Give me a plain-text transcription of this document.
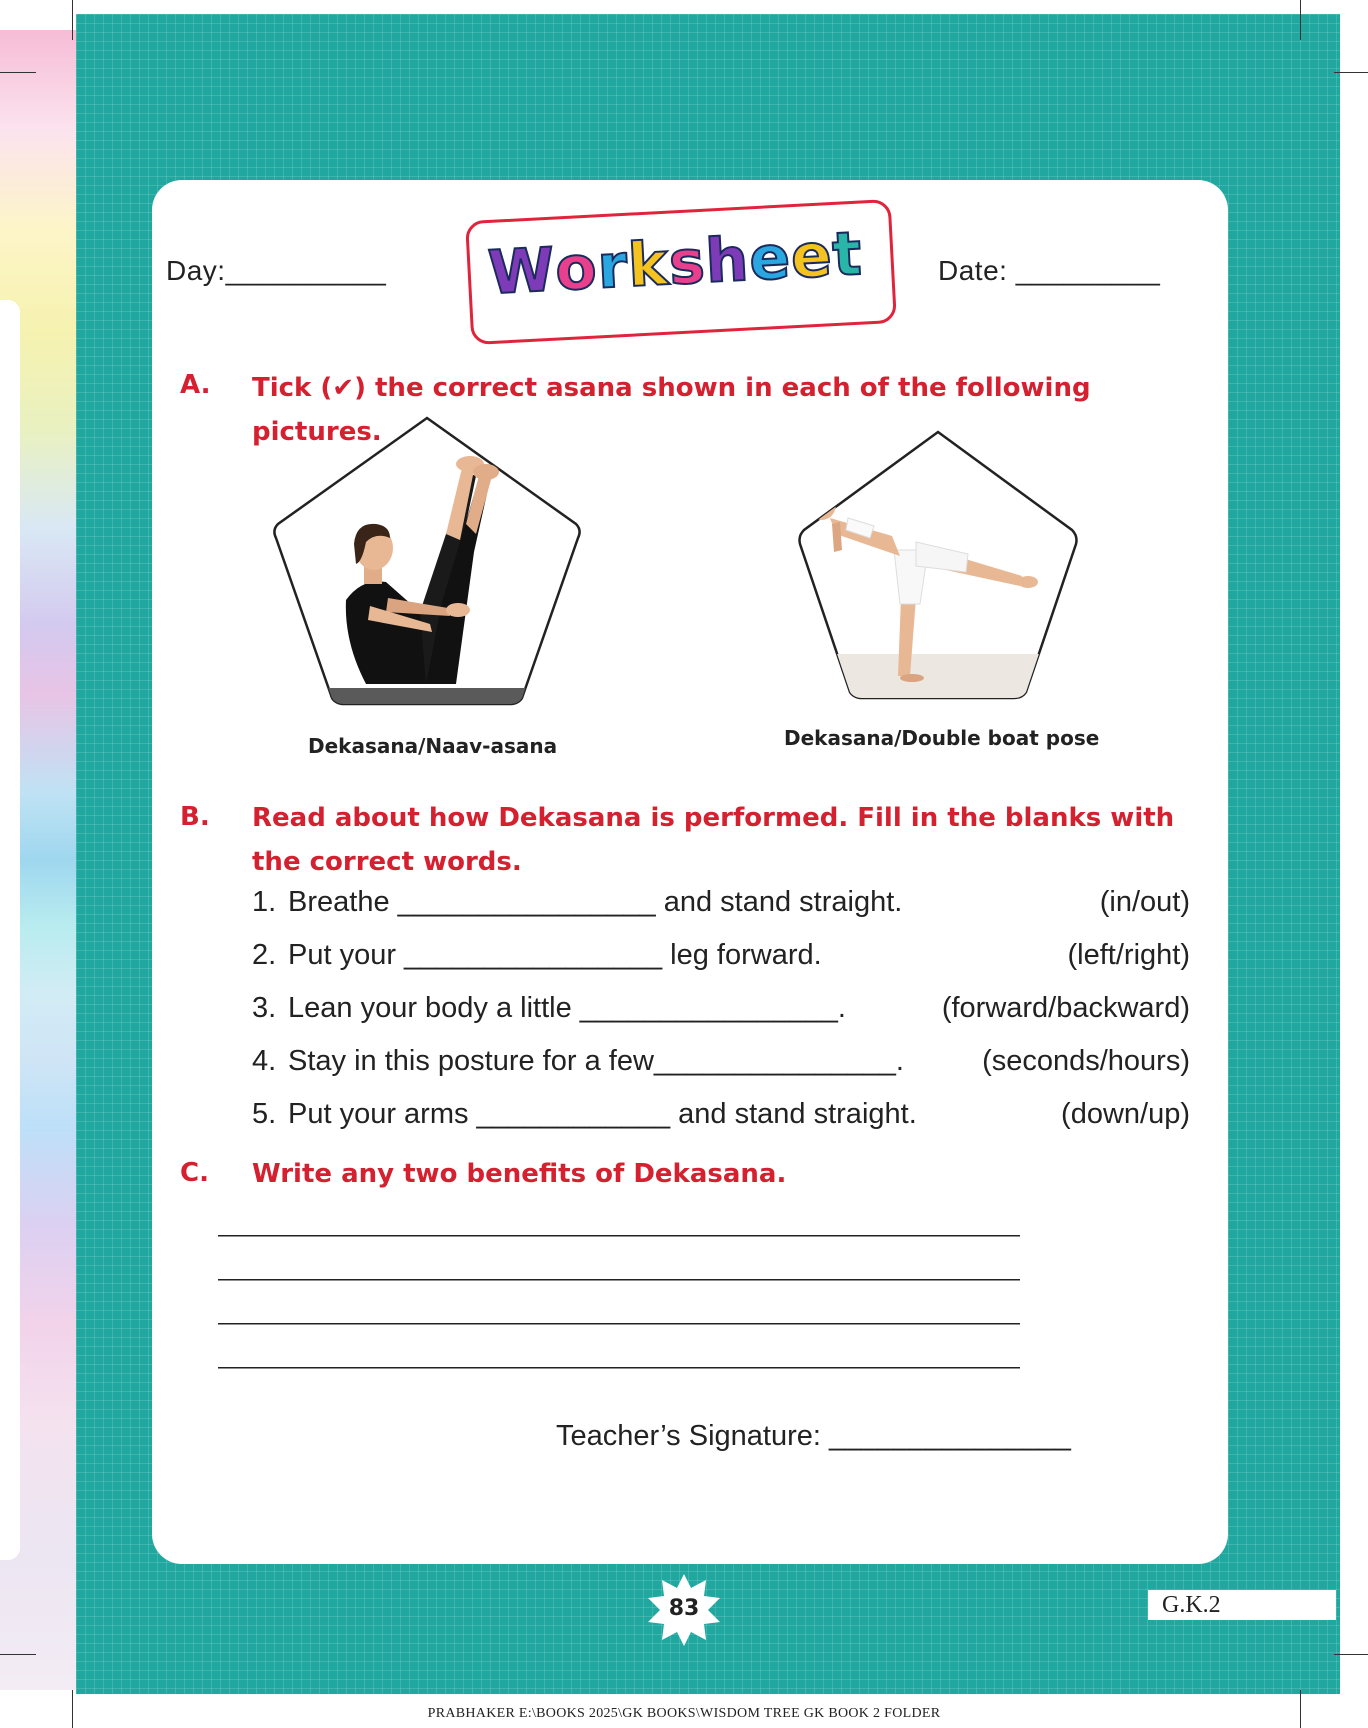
Day:__________ Worksheet	Date: _________
A. Tick (✔) the correct asana shown in each of the following pictures.
Dekasana/Naav-asana	Dekasana/Double boat pose
B. Read about how Dekasana is performed. Fill in the blanks with the correct words.
1. Breathe ________________ and stand straight.	(in/out)
2. Put your ________________ leg forward.	(left/right)
3. Lean your body a little ________________.	(forward/backward)
4. Stay in this posture for a few_______________.	(seconds/hours)
5. Put your arms ____________ and stand straight.	(down/up)
C. Write any two benefits of Dekasana.
____________________________________________
____________________________________________
____________________________________________
____________________________________________
Teacher’s Signature: _______________
83	G.K.2
PRABHAKER E:\BOOKS 2025\GK BOOKS\WISDOM TREE GK BOOK 2 FOLDER
